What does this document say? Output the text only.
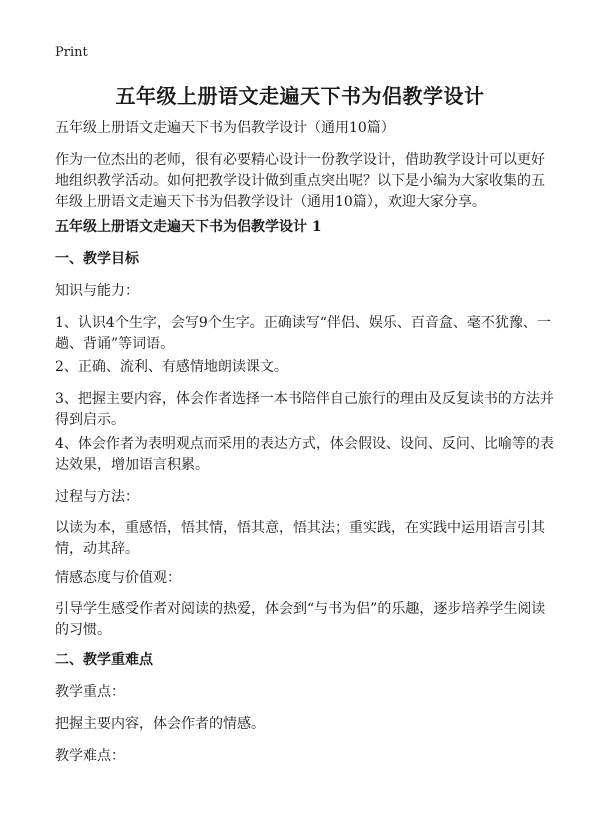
Print
五年级上册语文走遍天下书为侣教学设计

五年级上册语文走遍天下书为侣教学设计（通用10篇）

作为一位杰出的老师，很有必要精心设计一份教学设计，借助教学设计可以更好地组织教学活动。如何把教学设计做到重点突出呢？以下是小编为大家收集的五年级上册语文走遍天下书为侣教学设计（通用10篇），欢迎大家分享。

五年级上册语文走遍天下书为侣教学设计 1

一、教学目标

知识与能力：

1、认识4个生字，会写9个生字。正确读写“伴侣、娱乐、百音盒、毫不犹豫、一趟、背诵”等词语。

2、正确、流利、有感情地朗读课文。

3、把握主要内容，体会作者选择一本书陪伴自己旅行的理由及反复读书的方法并得到启示。

4、体会作者为表明观点而采用的表达方式，体会假设、设问、反问、比喻等的表达效果，增加语言积累。

过程与方法：

以读为本，重感悟，悟其情，悟其意，悟其法；重实践，在实践中运用语言引其情，动其辞。

情感态度与价值观：

引导学生感受作者对阅读的热爱，体会到“与书为侣”的乐趣，逐步培养学生阅读的习惯。

二、教学重难点

教学重点：

把握主要内容，体会作者的情感。

教学难点：
